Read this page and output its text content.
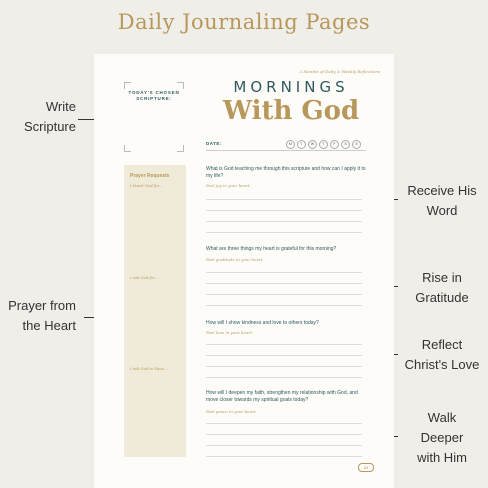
Daily Journaling Pages
Write
Scripture
Prayer from
the Heart
Receive His
Word
Rise in
Gratitude
Reflect
Christ's Love
Walk
Deeper
with Him
3 Months of Daily & Weekly Reflections
TODAY'S CHOSEN
SCRIPTURE:
MORNINGS
With God
DATE:	M	T	W	T	F	S	S
Prayer Requests
I thank God for....
I ask God for....
I ask God to bless....
What is God teaching me through this scripture and how can I apply it to my life?
Feel joy in your heart.
What are three things my heart is grateful for this morning?
Feel gratitude in your heart.
How will I show kindness and love to others today?
Feel love in your heart.
How will I deepen my faith, strengthen my relationship with God, and move closer towards my spiritual goals today?
Feel peace in your heart.
63
